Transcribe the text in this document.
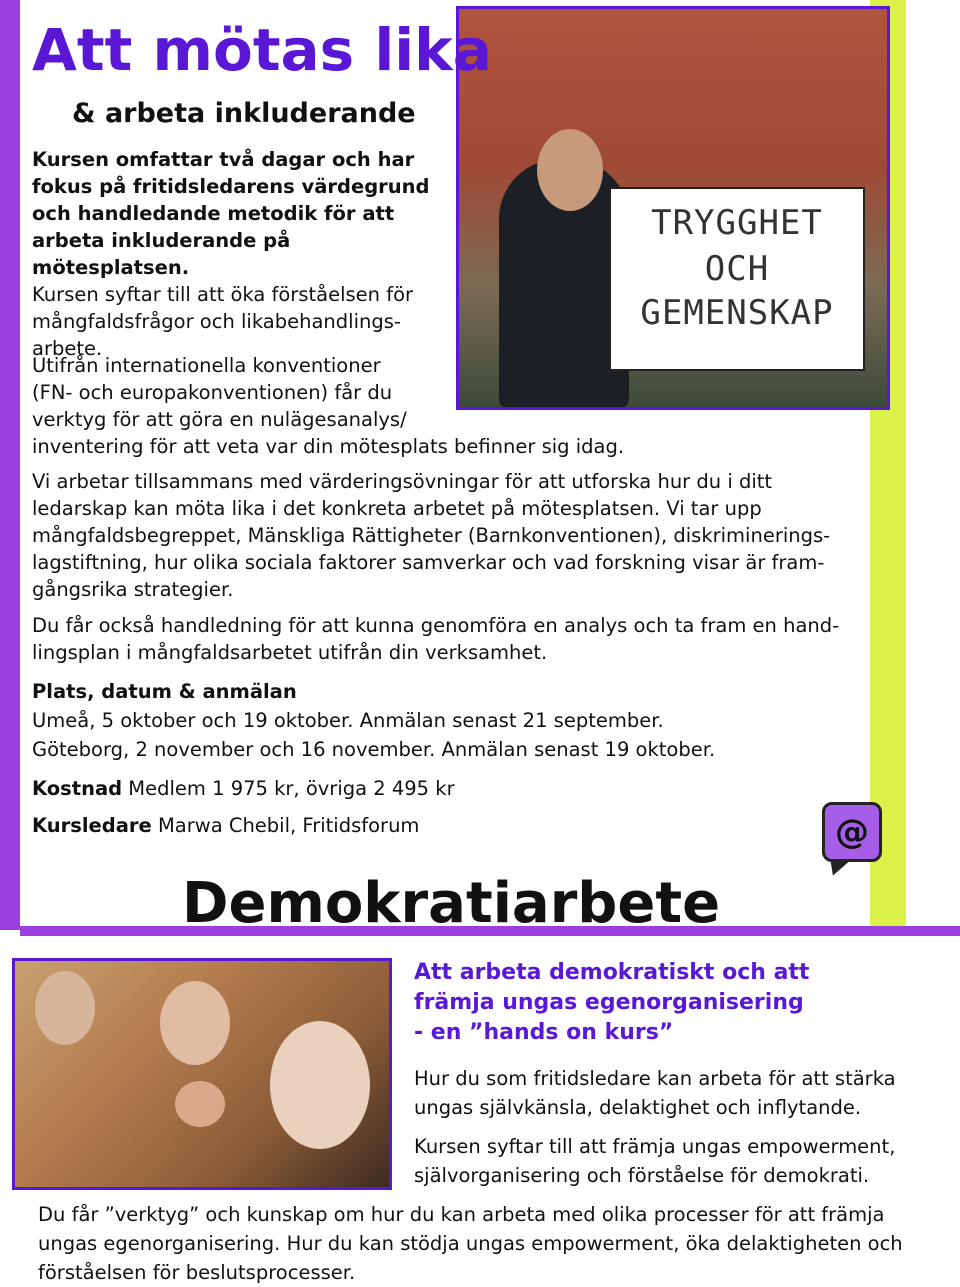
TRYGGHET
OCH
GEMENSKAP
Att mötas lika
& arbeta inkluderande

Kursen omfattar två dagar och har

fokus på fritidsledarens värdegrund

och handledande metodik för att

arbeta inkluderande på mötesplatsen.

Kursen syftar till att öka förståelsen för

mångfaldsfrågor och likabehandlings-

arbete.

Utifrån internationella konventioner

(FN- och europakonventionen) får du

verktyg för att göra en nulägesanalys/

inventering för att veta var din mötesplats befinner sig idag.

Vi arbetar tillsammans med värderingsövningar för att utforska hur du i ditt

ledarskap kan möta lika i det konkreta arbetet på mötesplatsen. Vi tar upp

mångfaldsbegreppet, Mänskliga Rättigheter (Barnkonventionen), diskriminerings-

lagstiftning, hur olika sociala faktorer samverkar och vad forskning visar är fram-

gångsrika strategier.

Du får också handledning för att kunna genomföra en analys och ta fram en hand-

lingsplan i mångfaldsarbetet utifrån din verksamhet.

Plats, datum & anmälan

Umeå, 5 oktober och 19 oktober. Anmälan senast 21 september.

Göteborg, 2 november och 16 november. Anmälan senast 19 oktober.

Kostnad Medlem 1 975 kr, övriga 2 495 kr
Kursledare Marwa Chebil, Fritidsforum	@
Demokratiarbete
Att arbeta demokratiskt och att
främja ungas egenorganisering
- en ”hands on kurs”

Hur du som fritidsledare kan arbeta för att stärka

ungas självkänsla, delaktighet och inflytande.

Kursen syftar till att främja ungas empowerment,

självorganisering och förståelse för demokrati.

Du får ”verktyg” och kunskap om hur du kan arbeta med olika processer för att främja

ungas egenorganisering. Hur du kan stödja ungas empowerment, öka delaktigheten och

förståelsen för beslutsprocesser.
